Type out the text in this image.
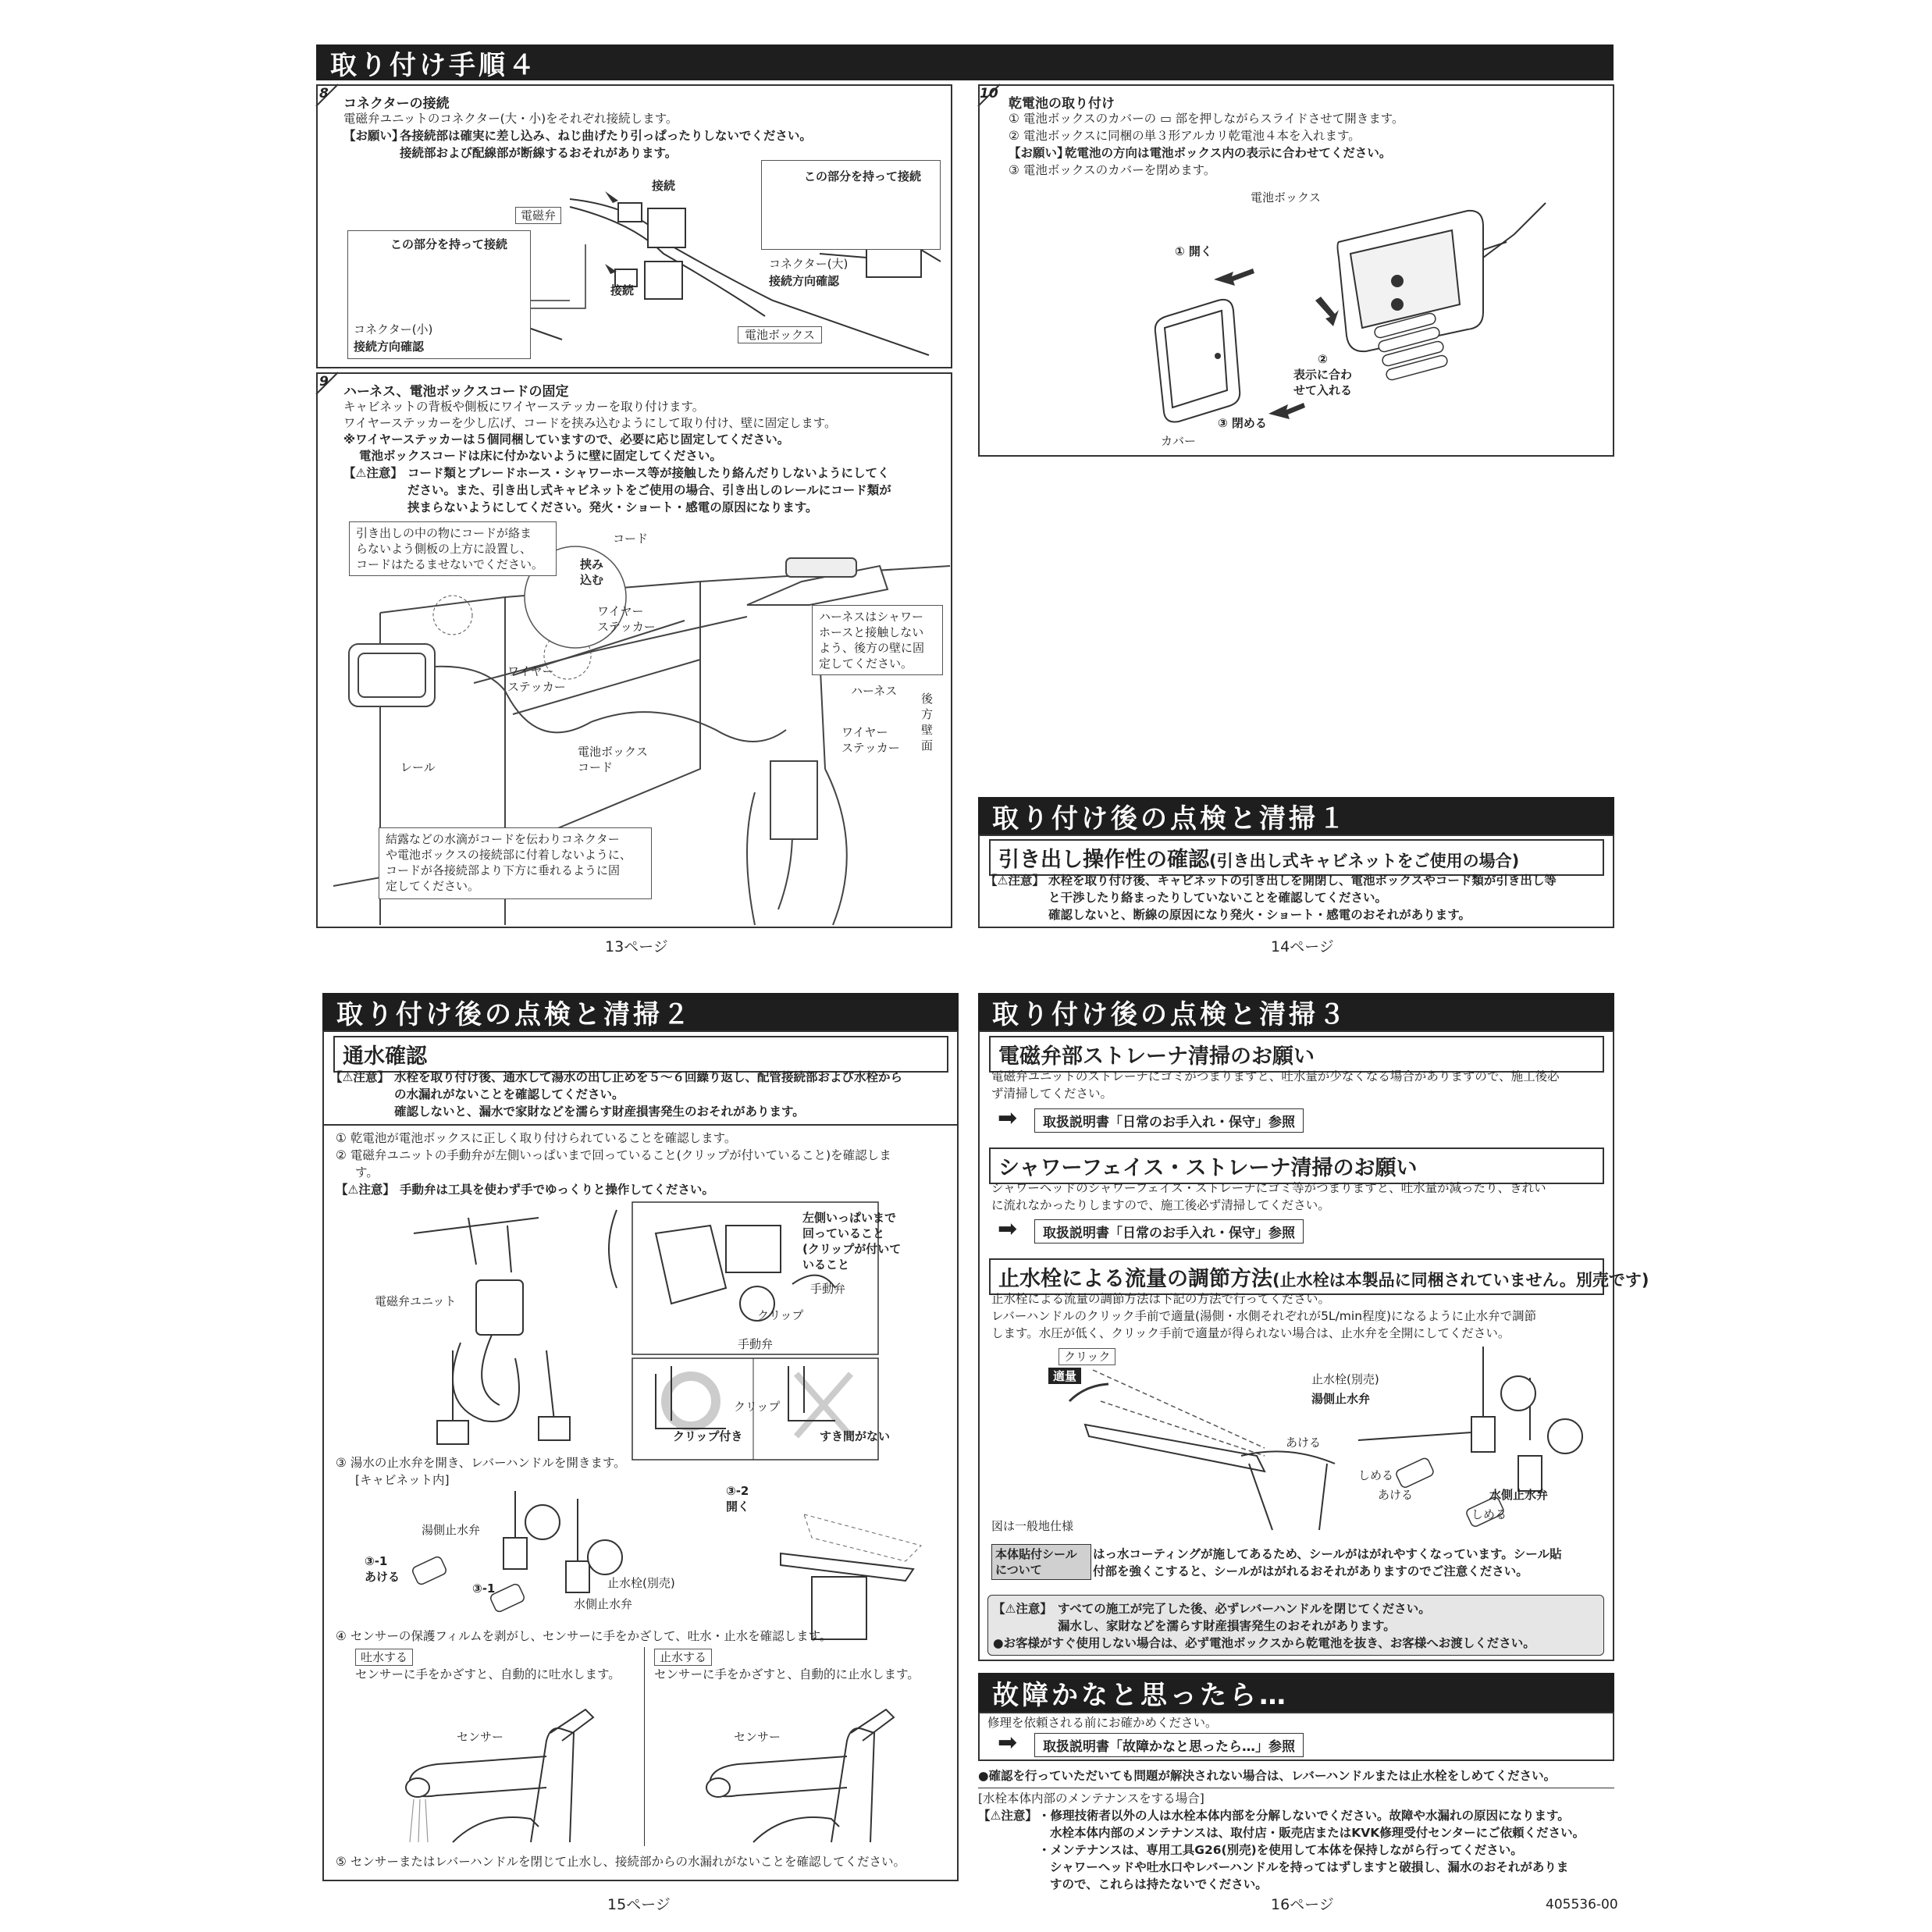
取り付け手順４
8
コネクターの接続
電磁弁ユニットのコネクター(大・小)をそれぞれ接続します。
【お願い】
各接続部は確実に差し込み、ねじ曲げたり引っぱったりしないでください。
接続部および配線部が断線するおそれがあります。
この部分を持って接続
この部分を持って接続
接続
接続
電磁弁
コネクター(大)
接続方向確認
コネクター(小)
接続方向確認
電池ボックス
9
ハーネス、電池ボックスコードの固定
キャビネットの背板や側板にワイヤーステッカーを取り付けます。
ワイヤーステッカーを少し広げ、コードを挟み込むようにして取り付け、壁に固定します。
※ワイヤーステッカーは５個同梱していますので、必要に応じ固定してください。
電池ボックスコードは床に付かないように壁に固定してください。
【⚠注意】 コード類とブレードホース・シャワーホース等が接触したり絡んだりしないようにしてく
ださい。また、引き出し式キャビネットをご使用の場合、引き出しのレールにコード類が
挟まらないようにしてください。発火・ショート・感電の原因になります。
引き出しの中の物にコードが絡ま
らないよう側板の上方に設置し、
コードはたるませないでください。
コード
挟み
込む
ワイヤー
ステッカー
ワイヤー
ステッカー
ハーネスはシャワー
ホースと接触しない
よう、後方の壁に固
定してください。
ハーネス
後
方
壁
面
ワイヤー
ステッカー
レール
電池ボックス
コード
結露などの水滴がコードを伝わりコネクター
や電池ボックスの接続部に付着しないように、
コードが各接続部より下方に垂れるように固
定してください。
13ページ
10
乾電池の取り付け
① 電池ボックスのカバーの ▭ 部を押しながらスライドさせて開きます。
② 電池ボックスに同梱の単３形アルカリ乾電池４本を入れます。
【お願い】
乾電池の方向は電池ボックス内の表示に合わせてください。
③ 電池ボックスのカバーを閉めます。
電池ボックス
① 開く
②
表示に合わ
せて入れる
③ 閉める
カバー
取り付け後の点検と清掃１
引き出し操作性の確認(引き出し式キャビネットをご使用の場合)
【⚠注意】 水栓を取り付け後、キャビネットの引き出しを開閉し、電池ボックスやコード類が引き出し等
と干渉したり絡まったりしていないことを確認してください。
確認しないと、断線の原因になり発火・ショート・感電のおそれがあります。
14ページ
取り付け後の点検と清掃２
通水確認
【⚠注意】 水栓を取り付け後、通水して湯水の出し止めを５～６回繰り返し、配管接続部および水栓から
の水漏れがないことを確認してください。
確認しないと、漏水で家財などを濡らす財産損害発生のおそれがあります。
① 乾電池が電池ボックスに正しく取り付けられていることを確認します。
② 電磁弁ユニットの手動弁が左側いっぱいまで回っていること(クリップが付いていること)を確認しま
す。
【⚠注意】 手動弁は工具を使わず手でゆっくりと操作してください。
電磁弁ユニット
左側いっぱいまで
回っていること
(クリップが付いて
いること
手動弁
クリップ
手動弁
クリップ
クリップ付き	すき間がない
③ 湯水の止水弁を開き、レバーハンドルを開きます。
[キャビネット内]
湯側止水弁
③-1
あける
③-1	止水栓(別売)
水側止水弁
③-2
開く
④ センサーの保護フィルムを剥がし、センサーに手をかざして、吐水・止水を確認します。
吐水する
センサーに手をかざすと、自動的に吐水します。
止水する
センサーに手をかざすと、自動的に止水します。
センサー	センサー
⑤ センサーまたはレバーハンドルを閉じて止水し、接続部からの水漏れがないことを確認してください。
15ページ
取り付け後の点検と清掃３
電磁弁部ストレーナ清掃のお願い
電磁弁ユニットのストレーナにゴミがつまりますと、吐水量が少なくなる場合がありますので、施工後必
ず清掃してください。
➡	取扱説明書「日常のお手入れ・保守」参照
シャワーフェイス・ストレーナ清掃のお願い
シャワーヘッドのシャワーフェイス・ストレーナにゴミ等がつまりますと、吐水量が減ったり、きれい
に流れなかったりしますので、施工後必ず清掃してください。
➡	取扱説明書「日常のお手入れ・保守」参照
止水栓による流量の調節方法(止水栓は本製品に同梱されていません。別売です)
止水栓による流量の調節方法は下記の方法で行ってください。
レバーハンドルのクリック手前で適量(湯側・水側それぞれが5L/min程度)になるように止水弁で調節
します。水圧が低く、クリック手前で適量が得られない場合は、止水弁を全開にしてください。
クリック
適量	止水栓(別売)
湯側止水弁
あける
しめる
あける	水側止水弁
しめる
図は一般地仕様
本体貼付シール
について
はっ水コーティングが施してあるため、シールがはがれやすくなっています。シール貼
付部を強くこすると、シールがはがれるおそれがありますのでご注意ください。
【⚠注意】 すべての施工が完了した後、必ずレバーハンドルを閉じてください。
漏水し、家財などを濡らす財産損害発生のおそれがあります。
●お客様がすぐ使用しない場合は、必ず電池ボックスから乾電池を抜き、お客様へお渡しください。
故障かなと思ったら…
修理を依頼される前にお確かめください。
➡	取扱説明書「故障かなと思ったら…」参照
●確認を行っていただいても問題が解決されない場合は、レバーハンドルまたは止水栓をしめてください。
[水栓本体内部のメンテナンスをする場合]
【⚠注意】 ・修理技術者以外の人は水栓本体内部を分解しないでください。故障や水漏れの原因になります。
水栓本体内部のメンテナンスは、取付店・販売店またはKVK修理受付センターにご依頼ください。
・メンテナンスは、専用工具G26(別売)を使用して本体を保持しながら行ってください。
シャワーヘッドや吐水口やレバーハンドルを持ってはずしますと破損し、漏水のおそれがありま
すので、これらは持たないでください。
16ページ	405536-00
